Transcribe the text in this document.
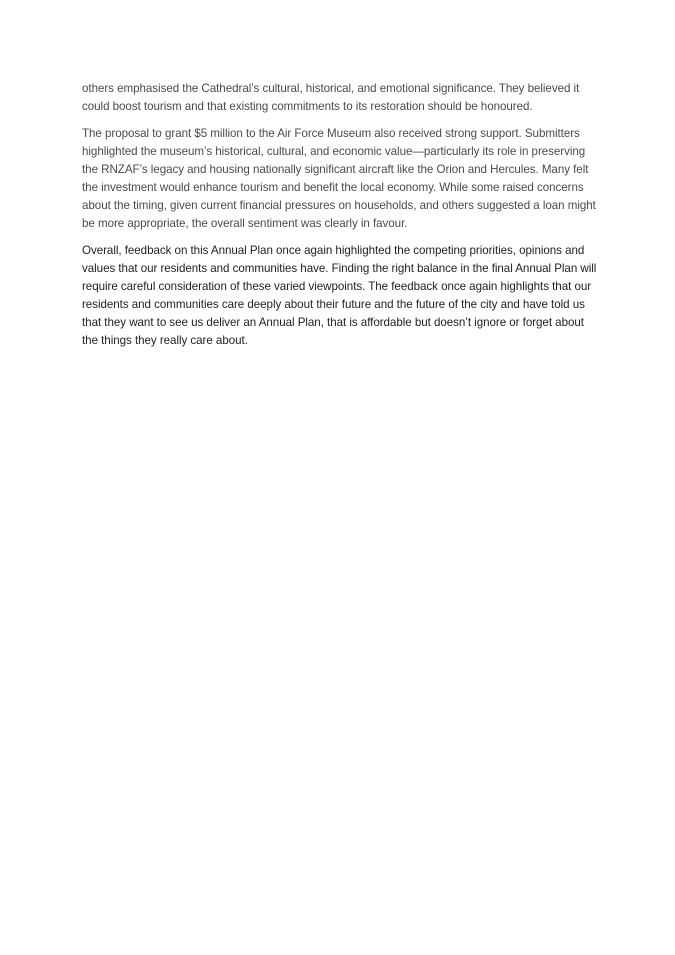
others emphasised the Cathedral’s cultural, historical, and emotional significance. They believed it could boost tourism and that existing commitments to its restoration should be honoured.

The proposal to grant $5 million to the Air Force Museum also received strong support. Submitters highlighted the museum’s historical, cultural, and economic value—particularly its role in preserving the RNZAF’s legacy and housing nationally significant aircraft like the Orion and Hercules. Many felt the investment would enhance tourism and benefit the local economy. While some raised concerns about the timing, given current financial pressures on households, and others suggested a loan might be more appropriate, the overall sentiment was clearly in favour.

Overall, feedback on this Annual Plan once again highlighted the competing priorities, opinions and values that our residents and communities have. Finding the right balance in the final Annual Plan will require careful consideration of these varied viewpoints. The feedback once again highlights that our residents and communities care deeply about their future and the future of the city and have told us that they want to see us deliver an Annual Plan, that is affordable but doesn’t ignore or forget about the things they really care about.
